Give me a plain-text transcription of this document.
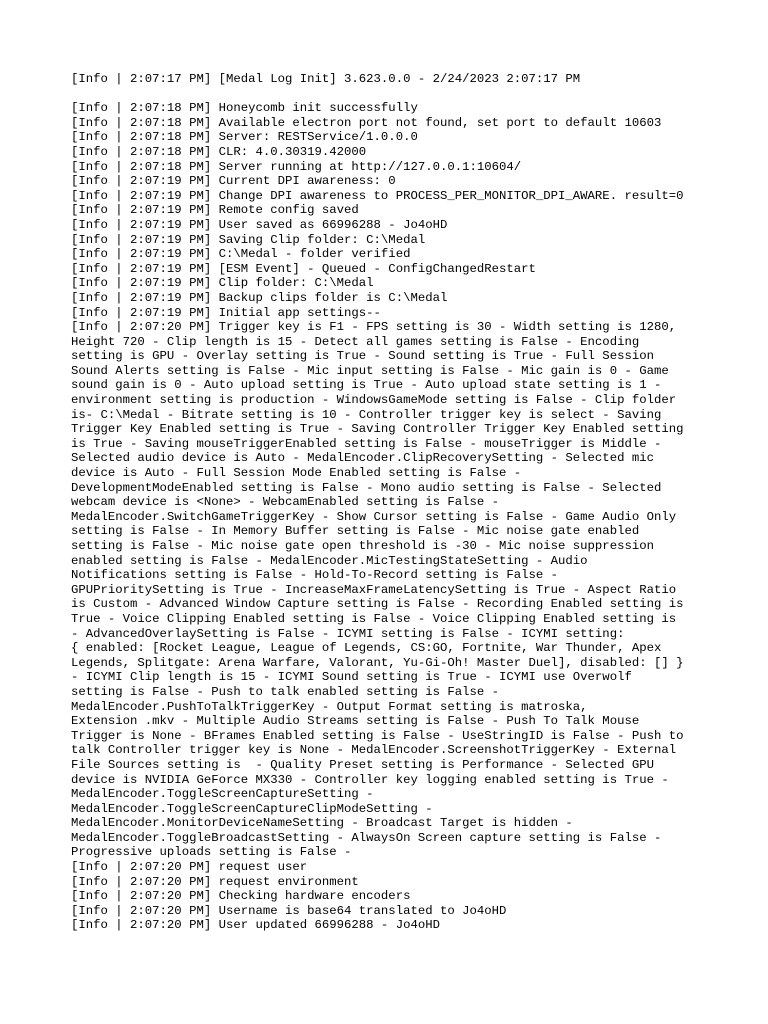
[Info | 2:07:17 PM] [Medal Log Init] 3.623.0.0 - 2/24/2023 2:07:17 PM
[Info | 2:07:18 PM] Honeycomb init successfully
[Info | 2:07:18 PM] Available electron port not found, set port to default 10603
[Info | 2:07:18 PM] Server: RESTService/1.0.0.0
[Info | 2:07:18 PM] CLR: 4.0.30319.42000
[Info | 2:07:18 PM] Server running at http://127.0.0.1:10604/
[Info | 2:07:19 PM] Current DPI awareness: 0
[Info | 2:07:19 PM] Change DPI awareness to PROCESS_PER_MONITOR_DPI_AWARE. result=0
[Info | 2:07:19 PM] Remote config saved
[Info | 2:07:19 PM] User saved as 66996288 - Jo4oHD
[Info | 2:07:19 PM] Saving Clip folder: C:\Medal
[Info | 2:07:19 PM] C:\Medal - folder verified
[Info | 2:07:19 PM] [ESM Event] - Queued - ConfigChangedRestart
[Info | 2:07:19 PM] Clip folder: C:\Medal
[Info | 2:07:19 PM] Backup clips folder is C:\Medal
[Info | 2:07:19 PM] Initial app settings--
[Info | 2:07:20 PM] Trigger key is F1 - FPS setting is 30 - Width setting is 1280,
Height 720 - Clip length is 15 - Detect all games setting is False - Encoding
setting is GPU - Overlay setting is True - Sound setting is True - Full Session
Sound Alerts setting is False - Mic input setting is False - Mic gain is 0 - Game
sound gain is 0 - Auto upload setting is True - Auto upload state setting is 1 -
environment setting is production - WindowsGameMode setting is False - Clip folder
is- C:\Medal - Bitrate setting is 10 - Controller trigger key is select - Saving
Trigger Key Enabled setting is True - Saving Controller Trigger Key Enabled setting
is True - Saving mouseTriggerEnabled setting is False - mouseTrigger is Middle -
Selected audio device is Auto - MedalEncoder.ClipRecoverySetting - Selected mic
device is Auto - Full Session Mode Enabled setting is False -
DevelopmentModeEnabled setting is False - Mono audio setting is False - Selected
webcam device is <None> - WebcamEnabled setting is False -
MedalEncoder.SwitchGameTriggerKey - Show Cursor setting is False - Game Audio Only
setting is False - In Memory Buffer setting is False - Mic noise gate enabled
setting is False - Mic noise gate open threshold is -30 - Mic noise suppression
enabled setting is False - MedalEncoder.MicTestingStateSetting - Audio
Notifications setting is False - Hold-To-Record setting is False -
GPUPrioritySetting is True - IncreaseMaxFrameLatencySetting is True - Aspect Ratio
is Custom - Advanced Window Capture setting is False - Recording Enabled setting is
True - Voice Clipping Enabled setting is False - Voice Clipping Enabled setting is
- AdvancedOverlaySetting is False - ICYMI setting is False - ICYMI setting:
{ enabled: [Rocket League, League of Legends, CS:GO, Fortnite, War Thunder, Apex
Legends, Splitgate: Arena Warfare, Valorant, Yu-Gi-Oh! Master Duel], disabled: [] }
- ICYMI Clip length is 15 - ICYMI Sound setting is True - ICYMI use Overwolf
setting is False - Push to talk enabled setting is False -
MedalEncoder.PushToTalkTriggerKey - Output Format setting is matroska,
Extension .mkv - Multiple Audio Streams setting is False - Push To Talk Mouse
Trigger is None - BFrames Enabled setting is False - UseStringID is False - Push to
talk Controller trigger key is None - MedalEncoder.ScreenshotTriggerKey - External
File Sources setting is  - Quality Preset setting is Performance - Selected GPU
device is NVIDIA GeForce MX330 - Controller key logging enabled setting is True -
MedalEncoder.ToggleScreenCaptureSetting -
MedalEncoder.ToggleScreenCaptureClipModeSetting -
MedalEncoder.MonitorDeviceNameSetting - Broadcast Target is hidden -
MedalEncoder.ToggleBroadcastSetting - AlwaysOn Screen capture setting is False -
Progressive uploads setting is False -
[Info | 2:07:20 PM] request user
[Info | 2:07:20 PM] request environment
[Info | 2:07:20 PM] Checking hardware encoders
[Info | 2:07:20 PM] Username is base64 translated to Jo4oHD
[Info | 2:07:20 PM] User updated 66996288 - Jo4oHD
